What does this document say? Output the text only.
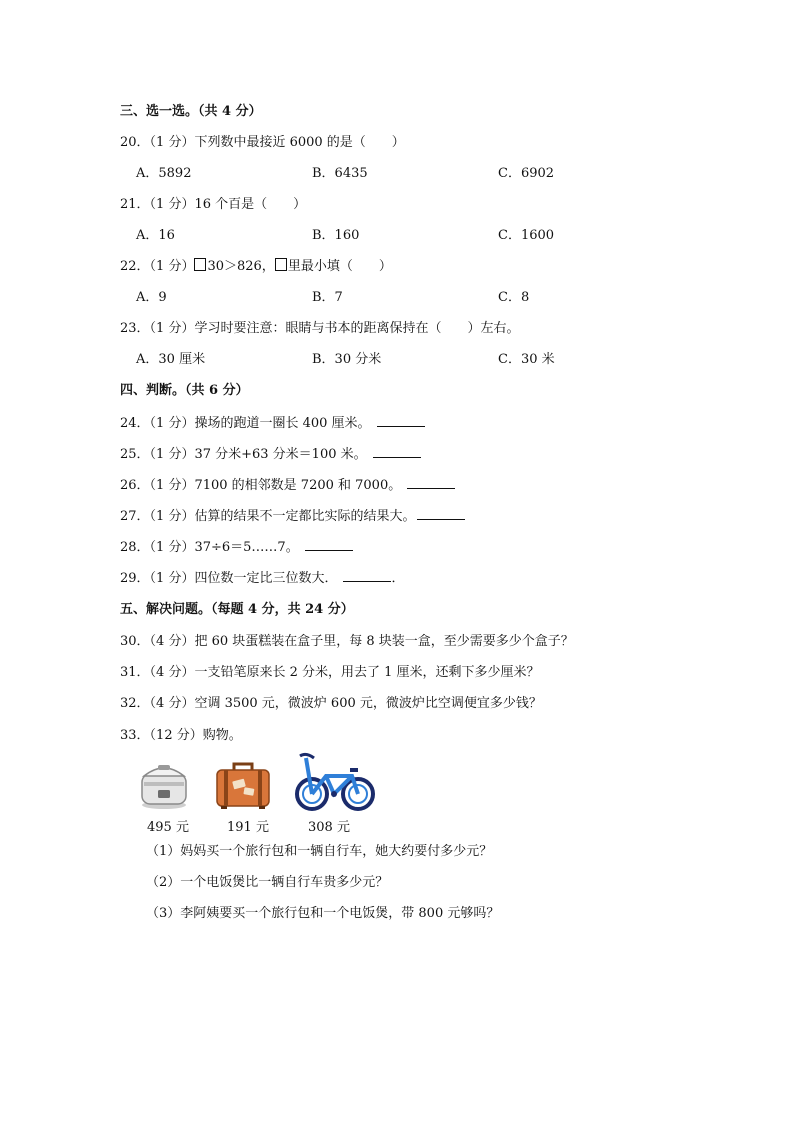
三、选一选。（共 4 分）
20．（1 分）下列数中最接近 6000 的是（　　）
A．5892	B．6435	C．6902
21．（1 分）16 个百是（　　）
A．16	B．160	C．1600
22．（1 分） 30＞826， 里最小填（　　）
A．9	B．7	C．8
23．（1 分）学习时要注意：眼睛与书本的距离保持在（　　）左右。
A．30 厘米	B．30 分米	C．30 米
四、判断。（共 6 分）
24．（1 分）操场的跑道一圈长 400 厘米。
25．（1 分）37 分米+63 分米＝100 米。
26．（1 分）7100 的相邻数是 7200 和 7000。
27．（1 分）估算的结果不一定都比实际的结果大。
28．（1 分）37÷6＝5……7。
29．（1 分）四位数一定比三位数大．	．
五、解决问题。（每题 4 分，共 24 分）
30．（4 分）把 60 块蛋糕装在盒子里，每 8 块装一盒，至少需要多少个盒子？
31．（4 分）一支铅笔原来长 2 分米，用去了 1 厘米，还剩下多少厘米？
32．（4 分）空调 3500 元，微波炉 600 元，微波炉比空调便宜多少钱？
33．（12 分）购物。
495 元	191 元	308 元
（1）妈妈买一个旅行包和一辆自行车，她大约要付多少元？
（2）一个电饭煲比一辆自行车贵多少元？
（3）李阿姨要买一个旅行包和一个电饭煲，带 800 元够吗？
